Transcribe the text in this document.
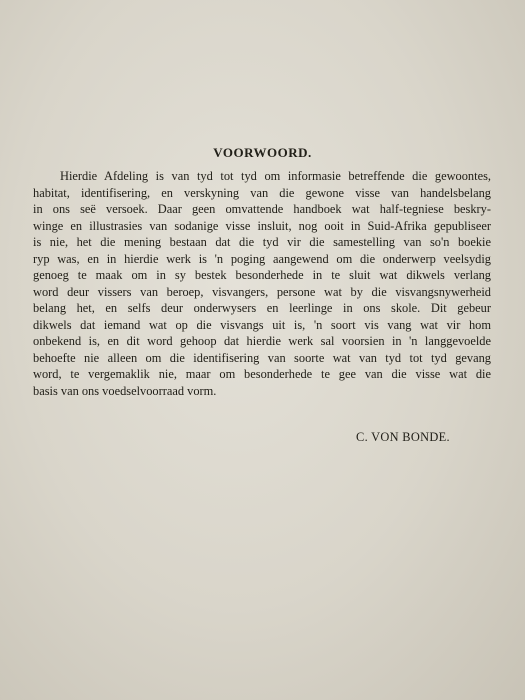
VOORWOORD.
Hierdie Afdeling is van tyd tot tyd om informasie betreffende die gewoontes,
habitat, identifisering, en verskyning van die gewone visse van handelsbelang
in ons seë versoek. Daar geen omvattende handboek wat half-tegniese beskry-
winge en illustrasies van sodanige visse insluit, nog ooit in Suid-Afrika gepubliseer
is nie, het die mening bestaan dat die tyd vir die samestelling van so'n boekie
ryp was, en in hierdie werk is 'n poging aangewend om die onderwerp veelsydig
genoeg te maak om in sy bestek besonderhede in te sluit wat dikwels verlang
word deur vissers van beroep, visvangers, persone wat by die visvangsnywerheid
belang het, en selfs deur onderwysers en leerlinge in ons skole. Dit gebeur
dikwels dat iemand wat op die visvangs uit is, 'n soort vis vang wat vir hom
onbekend is, en dit word gehoop dat hierdie werk sal voorsien in 'n langgevoelde
behoefte nie alleen om die identifisering van soorte wat van tyd tot tyd gevang
word, te vergemaklik nie, maar om besonderhede te gee van die visse wat die
basis van ons voedselvoorraad vorm.
C. VON BONDE.
